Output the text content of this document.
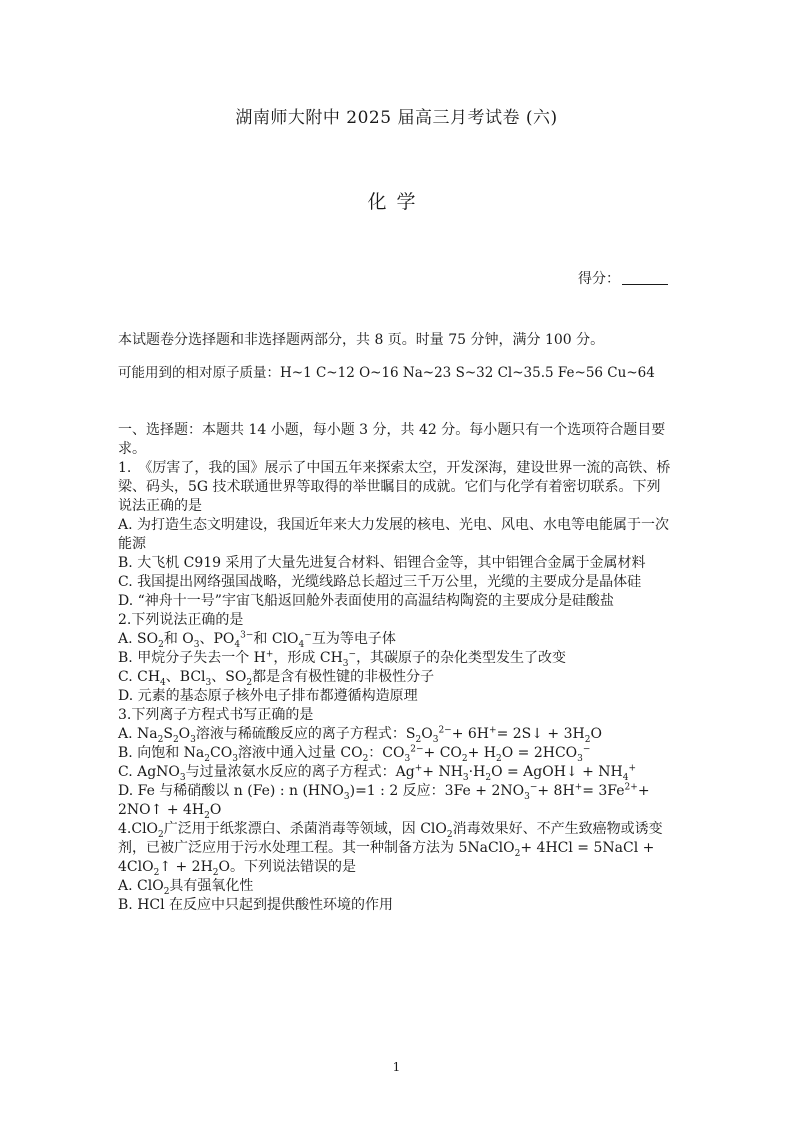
湖南师大附中 2025 届高三月考试卷 (六)
化学
得分：
本试题卷分选择题和非选择题两部分，共 8 页。时量 75 分钟，满分 100 分。
可能用到的相对原子质量：H~1 C~12 O~16 Na~23 S~32 Cl~35.5 Fe~56 Cu~64

一、选择题：本题共 14 小题，每小题 3 分，共 42 分。每小题只有一个选项符合题目要求。

1.　《厉害了，我的国》展示了中国五年来探索太空，开发深海，建设世界一流的高铁、桥梁、码头，5G 技术联通世界等取得的举世瞩目的成就。它们与化学有着密切联系。下列说法正确的是

A. 为打造生态文明建设，我国近年来大力发展的核电、光电、风电、水电等电能属于一次能源

B. 大飞机 C919 采用了大量先进复合材料、铝锂合金等，其中铝锂合金属于金属材料

C. 我国提出网络强国战略，光缆线路总长超过三千万公里，光缆的主要成分是晶体硅

D. “神舟十一号”宇宙飞船返回舱外表面使用的高温结构陶瓷的主要成分是硅酸盐

2.下列说法正确的是

A. $SO_2$和 $O_3$、$PO_4^{3-}$和 ClO$_4$−互为等电子体

B. 甲烷分子失去一个 H+，形成 $CH_3^-$，其碳原子的杂化类型发生了改变

C. $CH_4$、BCl$_3$、$SO_2$都是含有极性键的非极性分子

D. 元素的基态原子核外电子排布都遵循构造原理

3.下列离子方程式书写正确的是

A. $Na_2S_2O_3$溶液与稀硫酸反应的离子方程式：$S_2O_3^{2-}+ 6H^+=$ 2S↓ + $3H_2O$

B. 向饱和 $Na_2CO_3$溶液中通入过量 $CO_2$：$CO_3^{2-}+ CO_2+ H_2O = 2HCO_3^-$

C. AgNO$_3$与过量浓氨水反应的离子方程式：$Ag^++ NH_3\cdot H_2O$ = AgOH↓ + $NH_4^+$

D. Fe 与稀硝酸以 n (Fe) : n $(HNO_3)=1$ : 2 反应：$3Fe + 2NO_3^-+ 8H^+= 3Fe^{2+}+$ 2NO↑ + $4H_2O$

4.ClO$_2$广泛用于纸浆漂白、杀菌消毒等领域，因 ClO$_2$消毒效果好、不产生致癌物或诱变剂，已被广泛应用于污水处理工程。其一种制备方法为 5NaClO$_2$+ 4HCl = 5NaCl + 4ClO$_2$↑ + $2H_2O$。下列说法错误的是

A. ClO$_2$具有强氧化性

B. HCl 在反应中只起到提供酸性环境的作用

1
